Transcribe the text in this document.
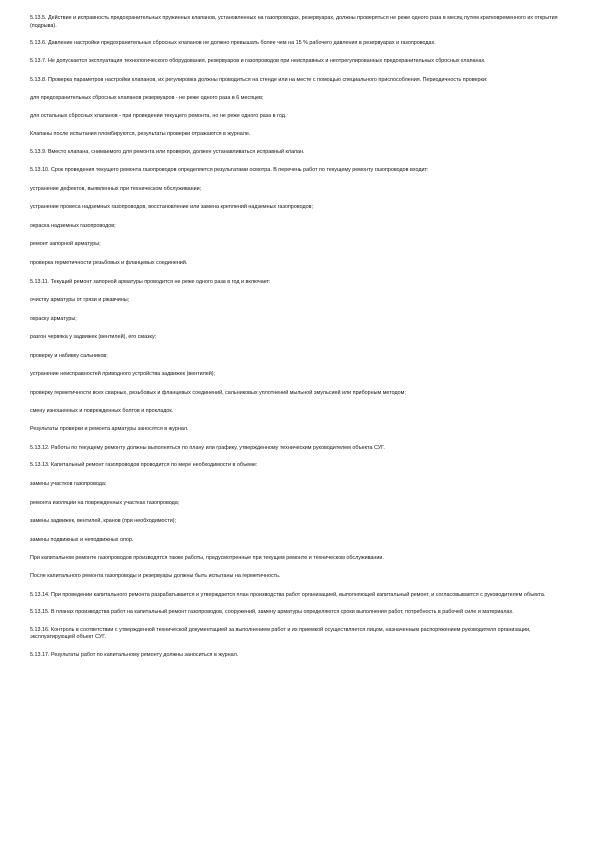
5.13.5. Действие и исправность предохранительных пружинных клапанов, установленных на газопроводах, резервуарах, должны проверяться не реже одного раза в месяц путем кратковременного их открытия (подрыва).

5.13.6. Давление настройки предохранительных сбросных клапанов не должно превышать более чем на 15 % рабочего давления в резервуарах и газопроводах.

5.13.7. Не допускается эксплуатация технологического оборудования, резервуаров и газопроводов при неисправных и неотрегулированных предохранительных сбросных клапанах.

5.13.8. Проверка параметров настройки клапанов, их регулировка должны проводиться на стенде или на месте с помощью специального приспособления. Периодичность проверки:

для предохранительных сбросных клапанов резервуаров - не реже одного раза в 6 месяцев;

для остальных сбросных клапанов - при проведении текущего ремонта, но не реже одного раза в год.

Клапаны после испытания пломбируются, результаты проверки отражаются в журнале.

5.13.9. Вместо клапана, снимаемого для ремонта или проверки, должен устанавливаться исправный клапан.

5.13.10. Срок проведения текущего ремонта газопроводов определяется результатами осмотра. В перечень работ по текущему ремонту газопроводов входит:

устранение дефектов, выявленных при техническом обслуживании;

устранение провеса надземных газопроводов, восстановление или замена креплений надземных газопроводов;

окраска надземных газопроводов;

ремонт запорной арматуры;

проверка герметичности резьбовых и фланцевых соединений.

5.13.11. Текущий ремонт запорной арматуры проводится не реже одного раза в год и включает:

очистку арматуры от грязи и ржавчины;

окраску арматуры;

разгон червяка у задвижек (вентилей), его смазку;

проверку и набивку сальников;

устранение неисправностей приводного устройства задвижек (вентилей);

проверку герметичности всех сварных, резьбовых и фланцевых соединений, сальниковых уплотнений мыльной эмульсией или приборным методом;

смену изношенных и поврежденных болтов и прокладок.

Результаты проверки и ремонта арматуры заносятся в журнал.

5.13.12. Работы по текущему ремонту должны выполняться по плану или графику, утвержденному техническим руководителем объекта СУГ.

5.13.13. Капитальный ремонт газопроводов проводится по мере необходимости в объеме:

замены участков газопровода;

ремонта изоляции на поврежденных участках газопровода;

замены задвижек, вентилей, кранов (при необходимости);

замены подвижных и неподвижных опор.

При капитальном ремонте газопроводов производятся также работы, предусмотренные при текущем ремонте и техническом обслуживании.

После капитального ремонта газопроводы и резервуары должны быть испытаны на герметичность.

5.13.14. При проведении капитального ремонта разрабатывается и утверждается план производства работ организацией, выполняющей капитальный ремонт, и согласовывается с руководителем объекта.

5.13.15. В планах производства работ на капитальный ремонт газопроводов, сооружений, замену арматуры определяются сроки выполнения работ, потребность в рабочей силе и материалах.

5.13.16. Контроль в соответствии с утвержденной технической документацией за выполнением работ и их приемкой осуществляется лицом, назначенным распоряжением руководителя организации, эксплуатирующей объект СУГ.

5.13.17. Результаты работ по капитальному ремонту должны заноситься в журнал.
